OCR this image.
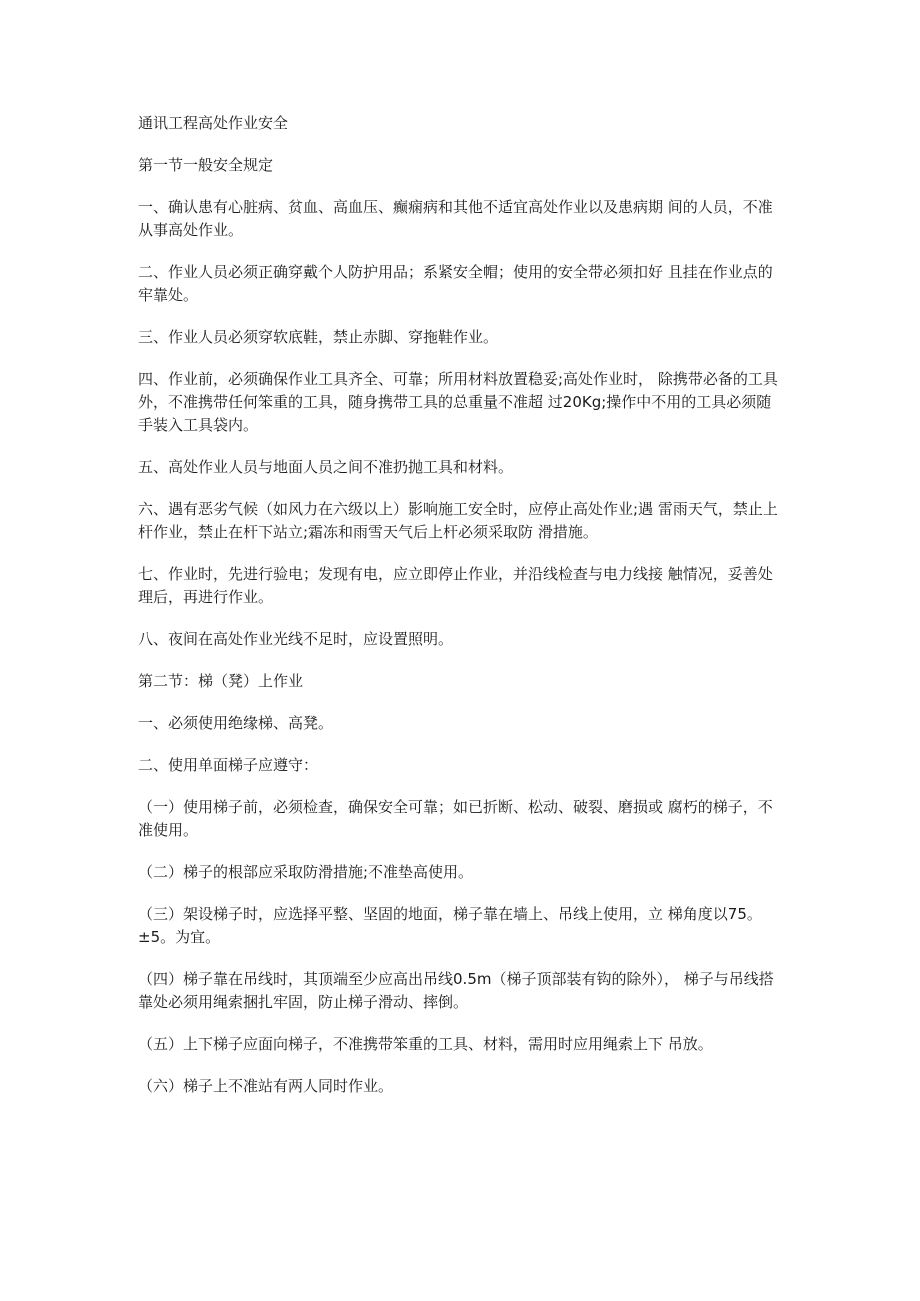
通讯工程高处作业安全

第一节一般安全规定

一、确认患有心脏病、贫血、高血压、癫痫病和其他不适宜高处作业以及患病期 间的人员，不准从事高处作业。

二、作业人员必须正确穿戴个人防护用品；系紧安全帽；使用的安全带必须扣好 且挂在作业点的牢靠处。

三、作业人员必须穿软底鞋，禁止赤脚、穿拖鞋作业。

四、作业前，必须确保作业工具齐全、可靠；所用材料放置稳妥;高处作业时， 除携带必备的工具外，不准携带任何笨重的工具，随身携带工具的总重量不准超 过20Kg;操作中不用的工具必须随手装入工具袋内。

五、高处作业人员与地面人员之间不准扔抛工具和材料。

六、遇有恶劣气候（如风力在六级以上）影响施工安全时，应停止高处作业;遇 雷雨天气，禁止上杆作业，禁止在杆下站立;霜冻和雨雪天气后上杆必须采取防 滑措施。

七、作业时，先进行验电；发现有电，应立即停止作业，并沿线检查与电力线接 触情况，妥善处理后，再进行作业。

八、夜间在高处作业光线不足时，应设置照明。

第二节：梯（凳）上作业

一、必须使用绝缘梯、高凳。

二、使用单面梯子应遵守：

（一）使用梯子前，必须检查，确保安全可靠；如已折断、松动、破裂、磨损或 腐朽的梯子，不准使用。

（二）梯子的根部应采取防滑措施;不准垫高使用。

（三）架设梯子时，应选择平整、坚固的地面，梯子靠在墙上、吊线上使用，立 梯角度以75。±5。为宜。

（四）梯子靠在吊线时，其顶端至少应高出吊线0.5m（梯子顶部装有钩的除外）， 梯子与吊线搭靠处必须用绳索捆扎牢固，防止梯子滑动、摔倒。

（五）上下梯子应面向梯子，不准携带笨重的工具、材料，需用时应用绳索上下 吊放。

（六）梯子上不准站有两人同时作业。
